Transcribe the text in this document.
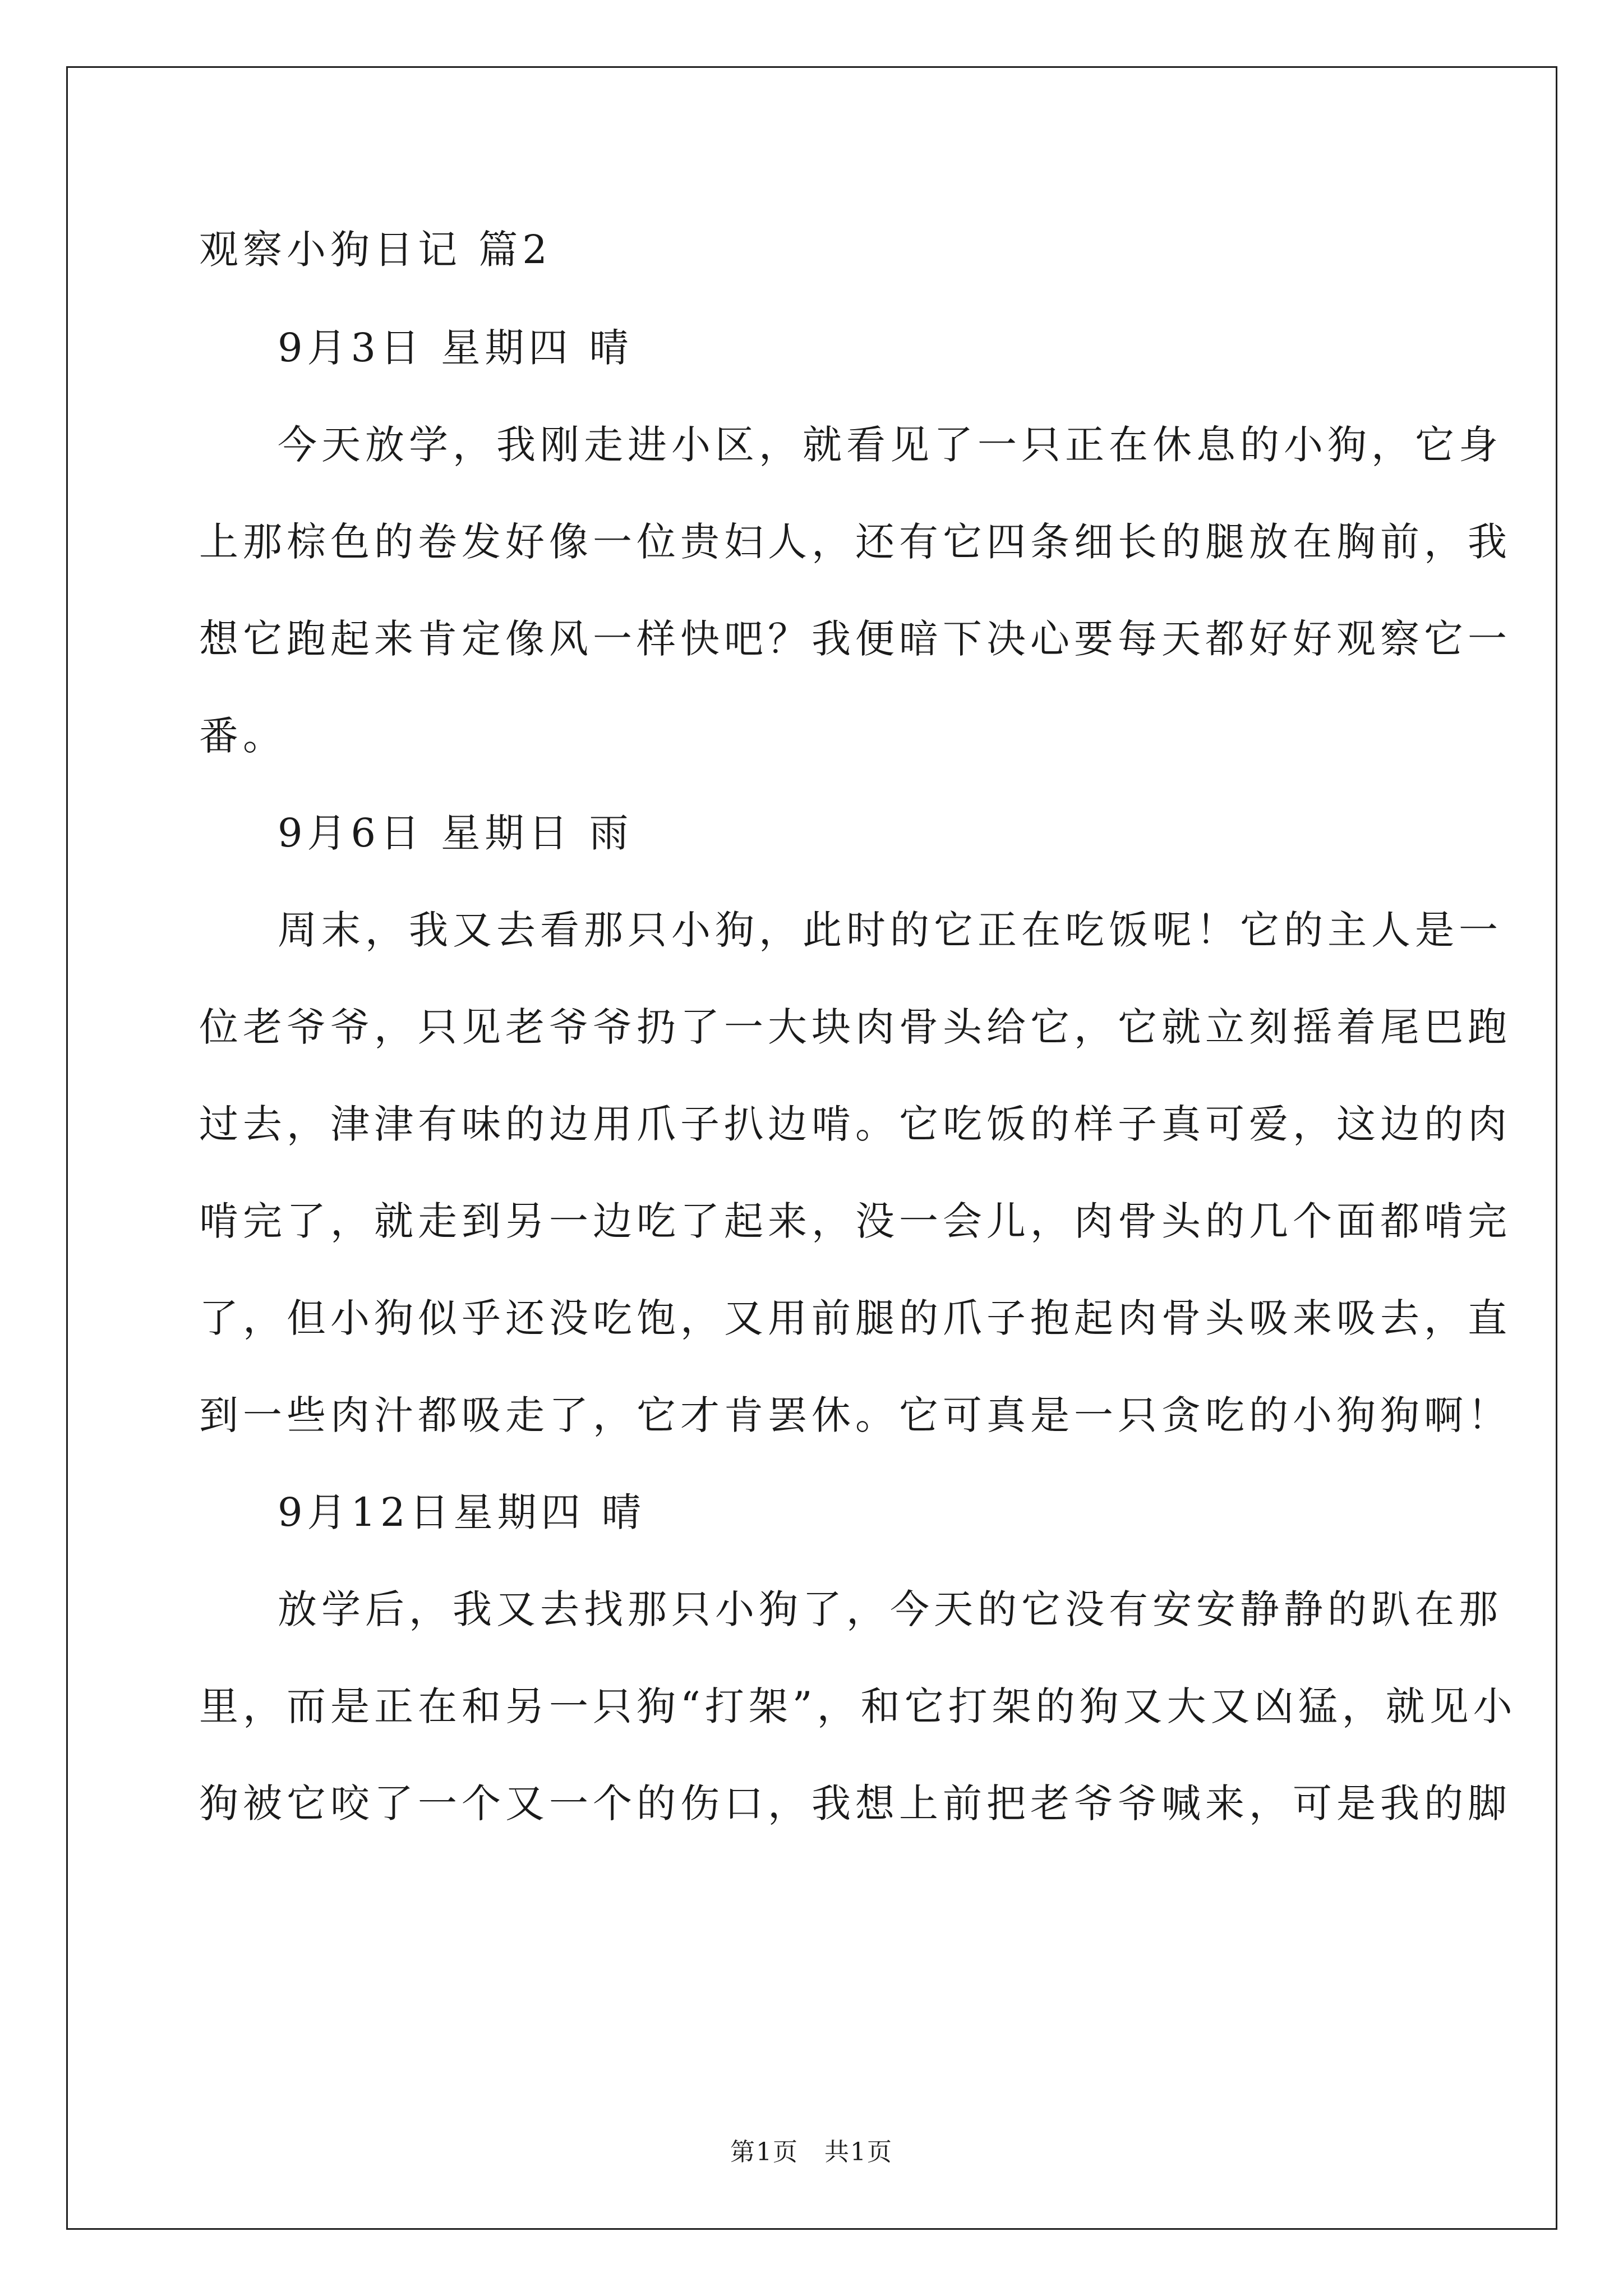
观察小狗日记 篇2
9月3日 星期四 晴
今天放学，我刚走进小区，就看见了一只正在休息的小狗，它身
上那棕色的卷发好像一位贵妇人，还有它四条细长的腿放在胸前，我
想它跑起来肯定像风一样快吧？我便暗下决心要每天都好好观察它一
番。
9月6日 星期日 雨
周末，我又去看那只小狗，此时的它正在吃饭呢！它的主人是一
位老爷爷，只见老爷爷扔了一大块肉骨头给它，它就立刻摇着尾巴跑
过去，津津有味的边用爪子扒边啃。它吃饭的样子真可爱，这边的肉
啃完了，就走到另一边吃了起来，没一会儿，肉骨头的几个面都啃完
了，但小狗似乎还没吃饱，又用前腿的爪子抱起肉骨头吸来吸去，直
到一些肉汁都吸走了，它才肯罢休。它可真是一只贪吃的小狗狗啊！
9月12日星期四 晴
放学后，我又去找那只小狗了，今天的它没有安安静静的趴在那
里，而是正在和另一只狗“打架”，和它打架的狗又大又凶猛，就见小
狗被它咬了一个又一个的伤口，我想上前把老爷爷喊来，可是我的脚
第1页　共1页
